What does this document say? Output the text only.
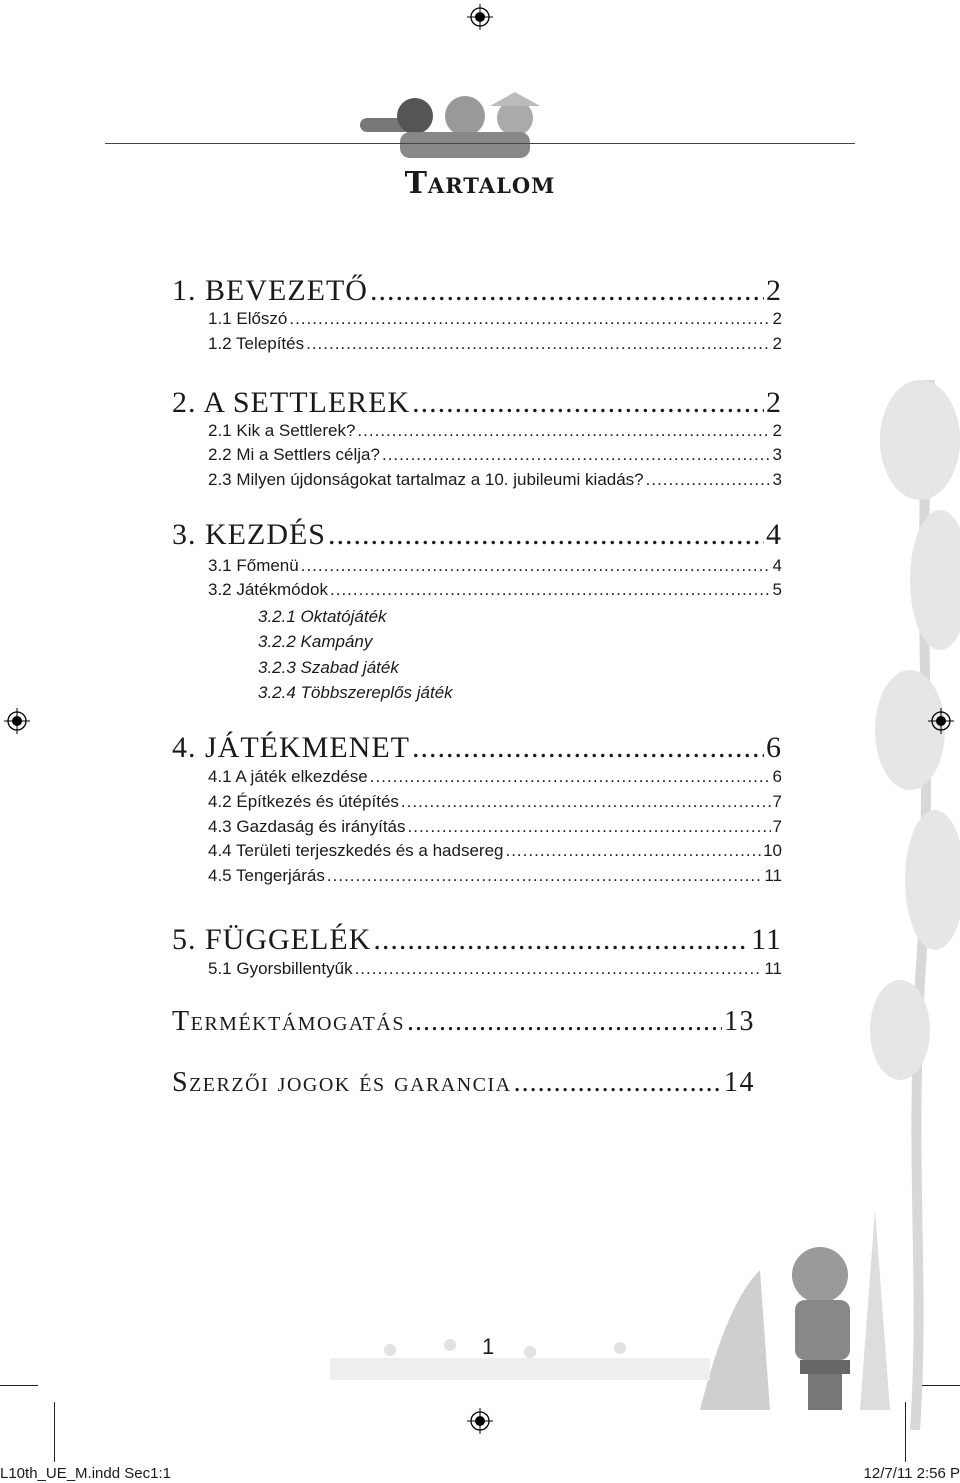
Tartalom
1. BEVEZETŐ .....	2
1.1 Előszó .....	2
1.2 Telepítés .....	2
2. A SETTLEREK .....	2
2.1 Kik a Settlerek? .....	2
2.2 Mi a Settlers célja? .....	3
2.3 Milyen újdonságokat tartalmaz a 10. jubileumi kiadás? .....	3
3. KEZDÉS .....	4
3.1 Főmenü .....	4
3.2 Játékmódok .....	5
3.2.1 Oktatójáték
3.2.2 Kampány
3.2.3 Szabad játék
3.2.4 Többszereplős játék
4. JÁTÉKMENET .....	6
4.1 A játék elkezdése .....	6
4.2 Építkezés és útépítés .....	7
4.3 Gazdaság és irányítás .....	7
4.4 Területi terjeszkedés és a hadsereg .....	10
4.5 Tengerjárás .....	11
5. FÜGGELÉK .....	11
5.1 Gyorsbillentyűk .....	11
Terméktámogatás .....	13
Szerzői jogok és garancia .....	14
1
L10th_UE_M.indd Sec1:1	12/7/11 2:56 P
